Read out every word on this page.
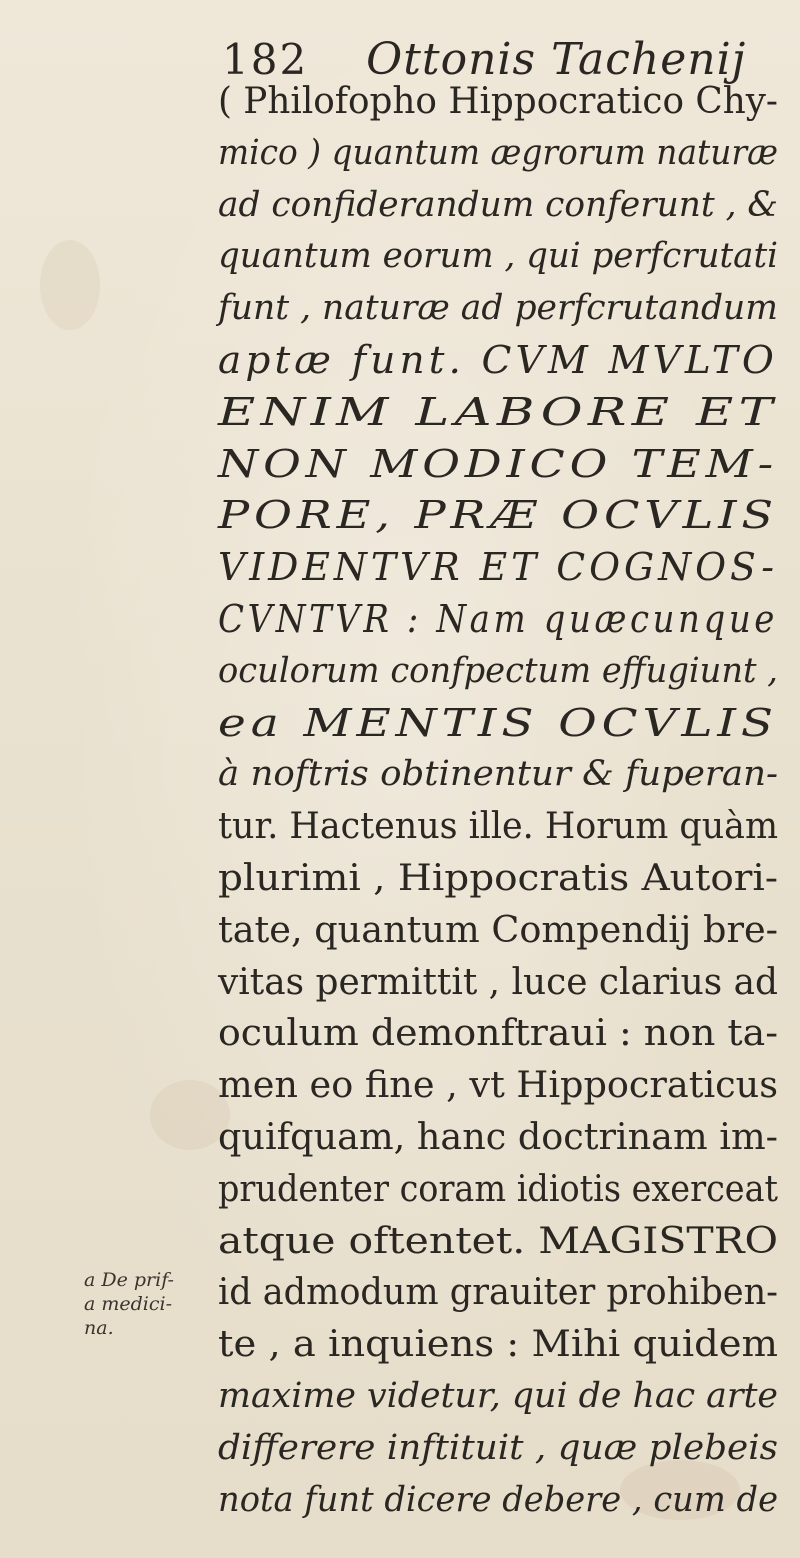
182 Ottonis Tachenij
( Philofopho Hippocratico Chy-
mico ) quantum ægrorum naturæ
ad confiderandum conferunt , &
quantum eorum , qui perfcrutati
funt , naturæ ad perfcrutandum
aptæ funt. CVM MVLTO
ENIM LABORE ET
NON MODICO TEM-
PORE, PRÆ OCVLIS
VIDENTVR ET COGNOS-
CVNTVR : Nam quæcunque
oculorum confpectum effugiunt ,
ea MENTIS OCVLIS
à noftris obtinentur & fuperan-
tur. Hactenus ille. Horum quàm
plurimi , Hippocratis Autori-
tate, quantum Compendij bre-
vitas permittit , luce clarius ad
oculum demonftraui : non ta-
men eo fine , vt Hippocraticus
quifquam, hanc doctrinam im-
prudenter coram idiotis exerceat
atque oftentet. MAGISTRO
id admodum grauiter prohiben-
te , a inquiens : Mihi quidem
maxime videtur, qui de hac arte
differere inftituit , quæ plebeis
nota funt dicere debere , cum de
a De prif-
a medici-
na.
